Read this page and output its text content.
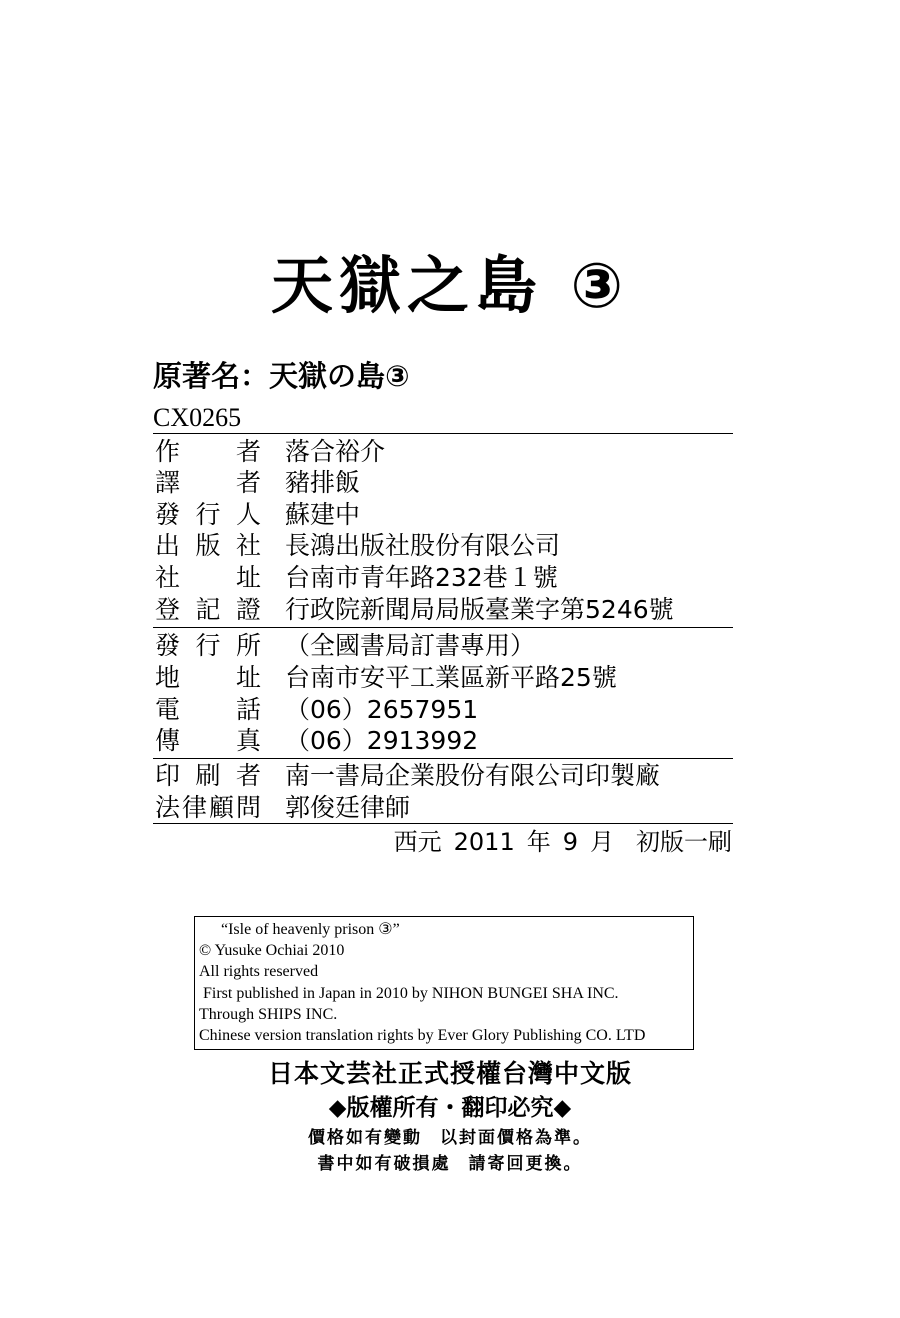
天獄之島 ③
原著名：天獄の島③
CX0265
作者 落合裕介
譯者 豬排飯
發行人 蘇建中
出版社 長鴻出版社股份有限公司
社址 台南市青年路232巷１號
登記證 行政院新聞局局版臺業字第5246號
發行所 （全國書局訂書專用）
地址 台南市安平工業區新平路25號
電話 （06）2657951
傳真 （06）2913992
印刷者 南一書局企業股份有限公司印製廠
法律顧問 郭俊廷律師
西元 2011 年 9 月 初版一刷
“Isle of heavenly prison ③”
© Yusuke Ochiai 2010
All rights reserved
First published in Japan in 2010 by NIHON BUNGEI SHA INC.
Through SHIPS INC.
Chinese version translation rights by Ever Glory Publishing CO. LTD
日本文芸社正式授權台灣中文版
◆版權所有・翻印必究◆
價格如有變動 以封面價格為準。
書中如有破損處 請寄回更換。
